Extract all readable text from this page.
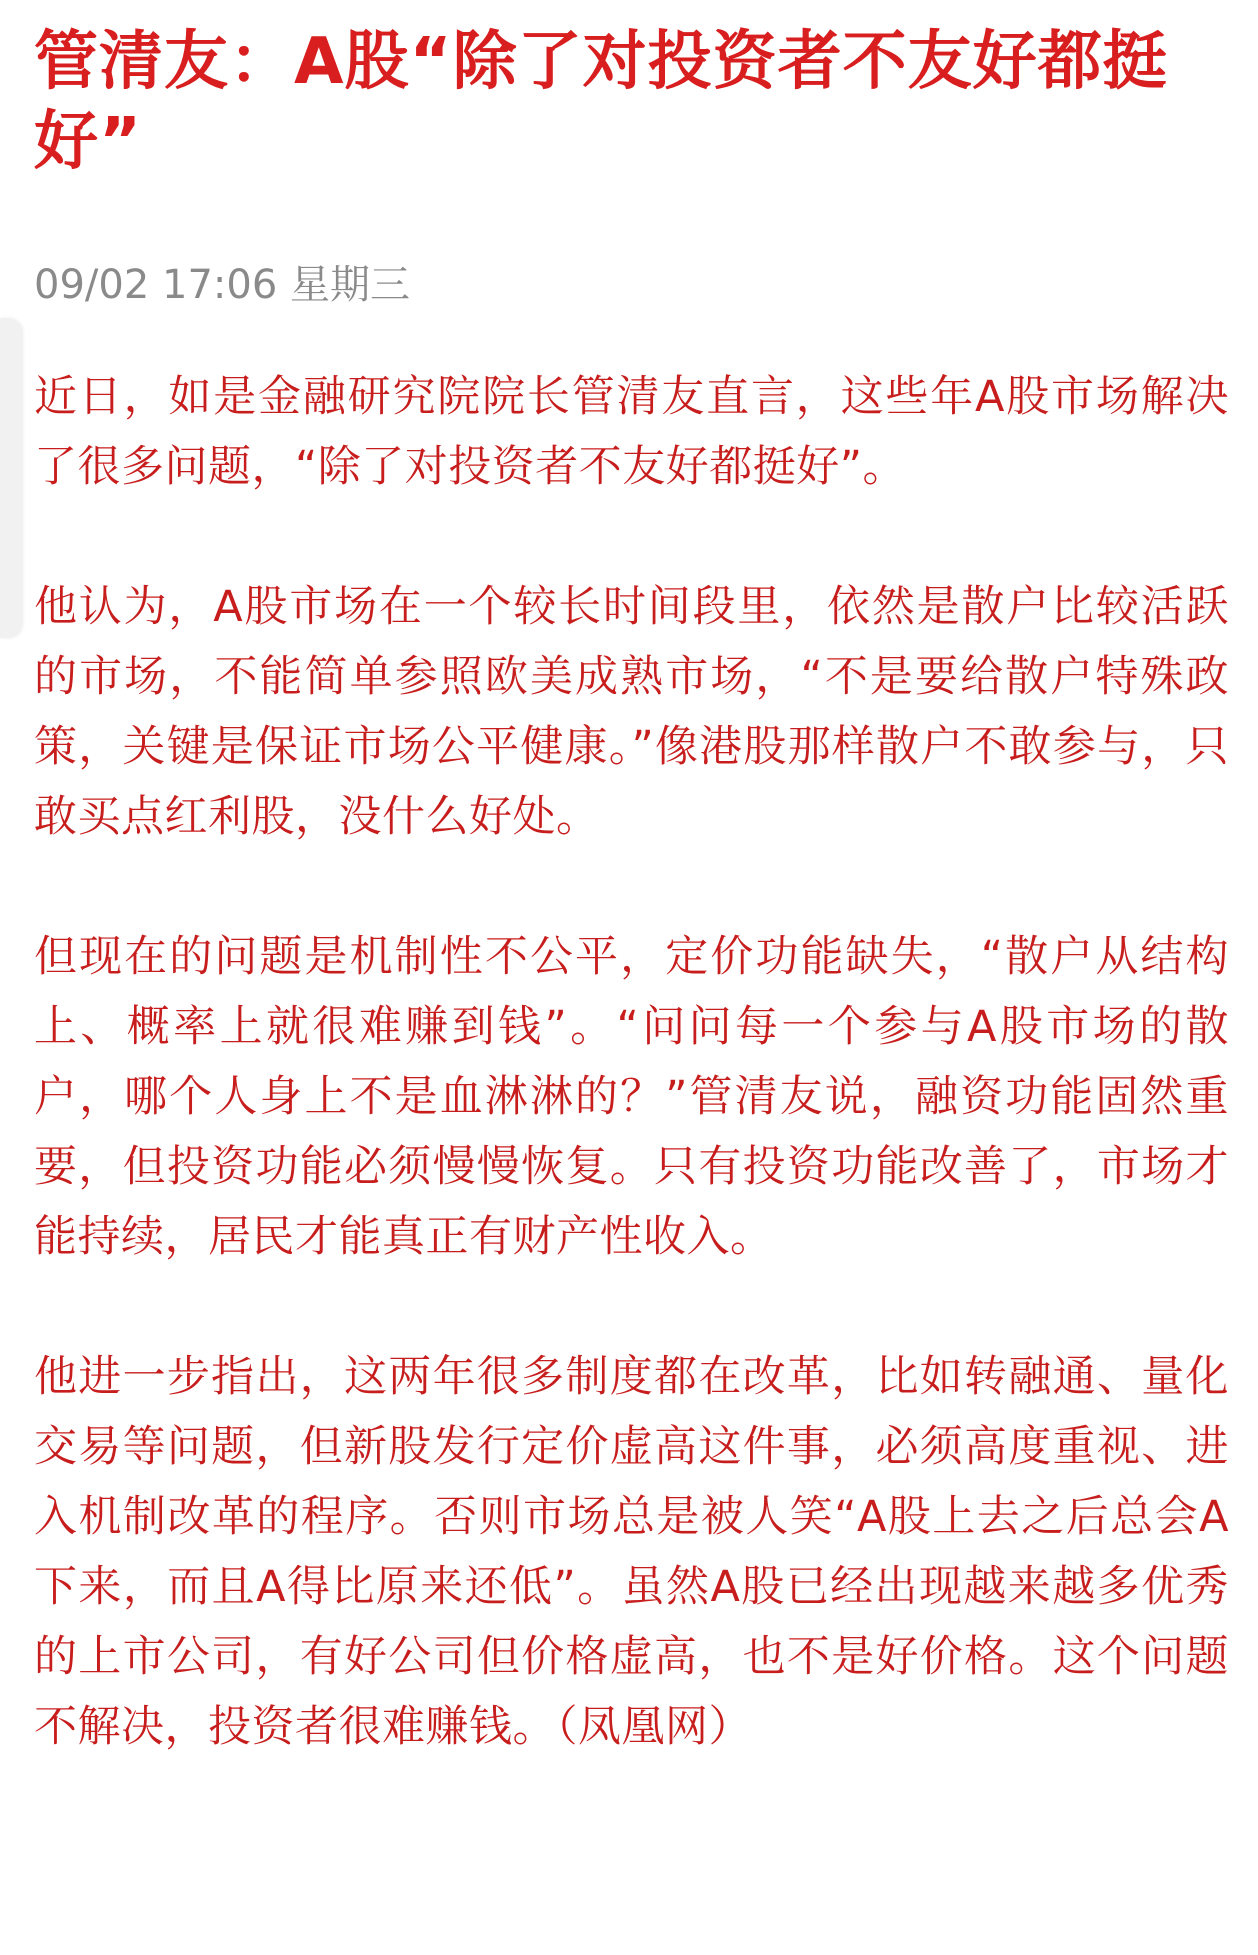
管清友：A股“除了对投资者不友好都挺好”
09/02 17:06 星期三

近日，如是金融研究院院长管清友直言，这些年A股市场解决了很多问题，“除了对投资者不友好都挺好”。

他认为，A股市场在一个较长时间段里，依然是散户比较活跃的市场，不能简单参照欧美成熟市场，“不是要给散户特殊政策，关键是保证市场公平健康。”像港股那样散户不敢参与，只敢买点红利股，没什么好处。

但现在的问题是机制性不公平，定价功能缺失，“散户从结构上、概率上就很难赚到钱”。“问问每一个参与A股市场的散户，哪个人身上不是血淋淋的？”管清友说，融资功能固然重要，但投资功能必须慢慢恢复。只有投资功能改善了，市场才能持续，居民才能真正有财产性收入。

他进一步指出，这两年很多制度都在改革，比如转融通、量化交易等问题，但新股发行定价虚高这件事，必须高度重视、进入机制改革的程序。否则市场总是被人笑“A股上去之后总会A下来，而且A得比原来还低”。虽然A股已经出现越来越多优秀的上市公司，有好公司但价格虚高，也不是好价格。这个问题不解决，投资者很难赚钱。（凤凰网）
